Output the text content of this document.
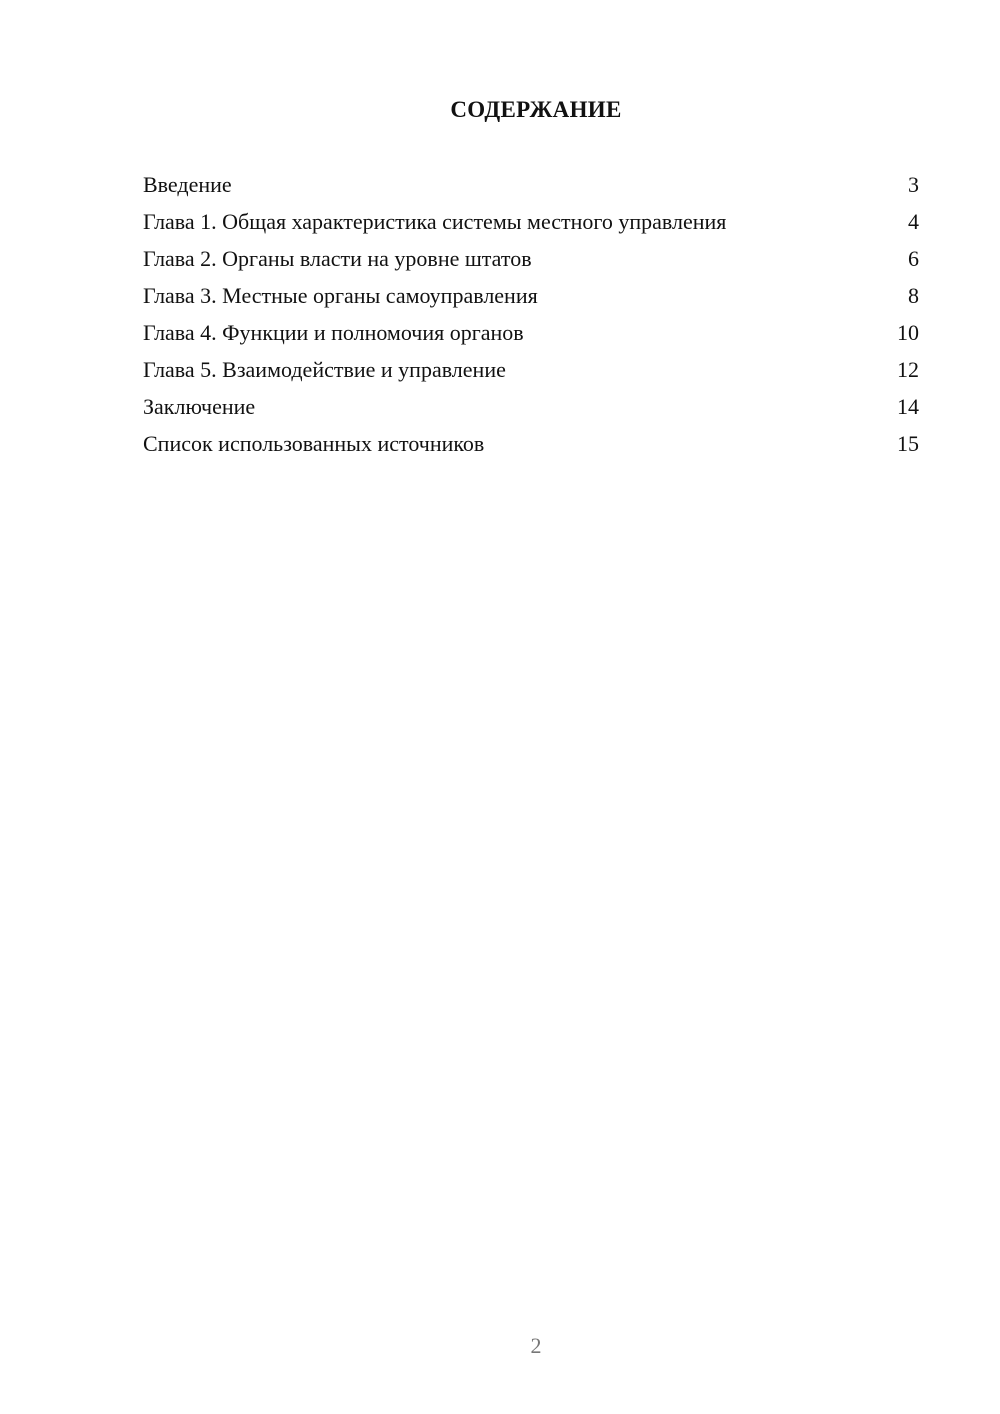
СОДЕРЖАНИЕ
Введение	3
Глава 1. Общая характеристика системы местного управления	4
Глава 2. Органы власти на уровне штатов	6
Глава 3. Местные органы самоуправления	8
Глава 4. Функции и полномочия органов	10
Глава 5. Взаимодействие и управление	12
Заключение	14
Список использованных источников	15
2
